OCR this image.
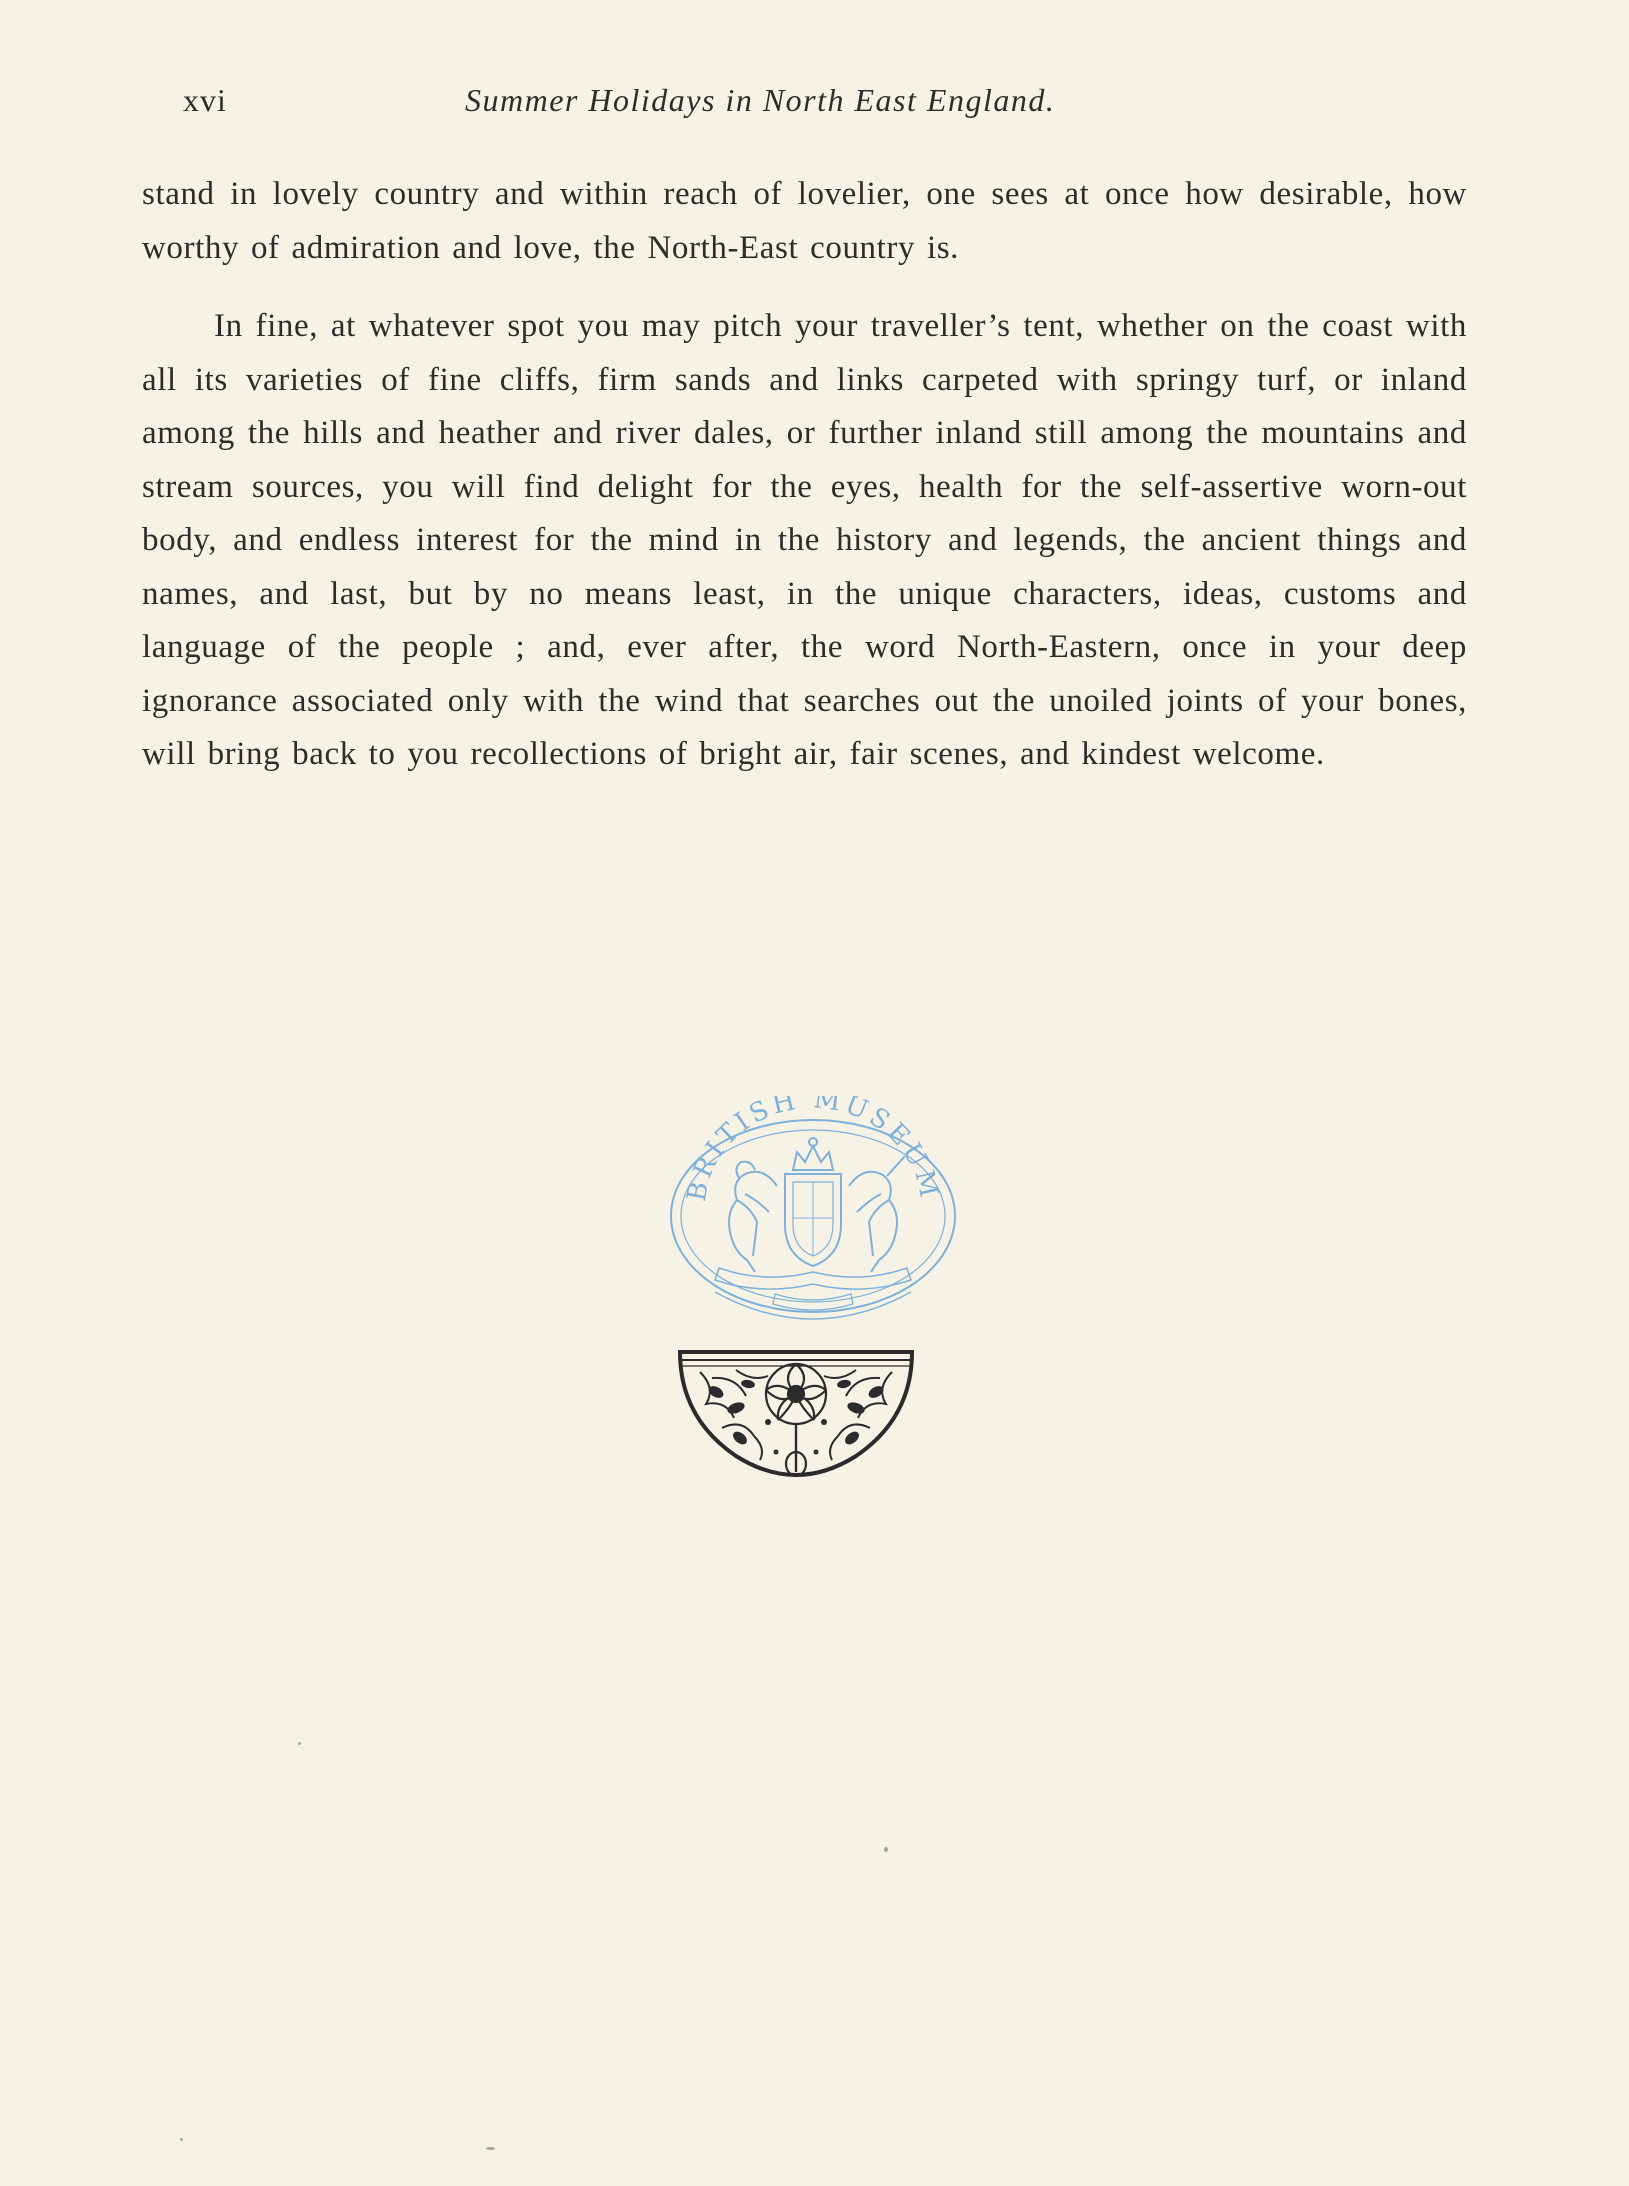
xvi	Summer Holidays in North East England.

stand in lovely country and within reach of lovelier, one sees at once how desirable, how worthy of admiration and love, the North-East country is.

In fine, at whatever spot you may pitch your traveller’s tent, whether on the coast with all its varieties of fine cliffs, firm sands and links carpeted with springy turf, or inland among the hills and heather and river dales, or further inland still among the mountains and stream sources, you will find delight for the eyes, health for the self-assertive worn-out body, and endless interest for the mind in the history and legends, the ancient things and names, and last, but by no means least, in the unique characters, ideas, customs and language of the people ; and, ever after, the word North-Eastern, once in your deep ignorance associated only with the wind that searches out the unoiled joints of your bones, will bring back to you recollections of bright air, fair scenes, and kindest welcome.

BRITISH MUSEUM
